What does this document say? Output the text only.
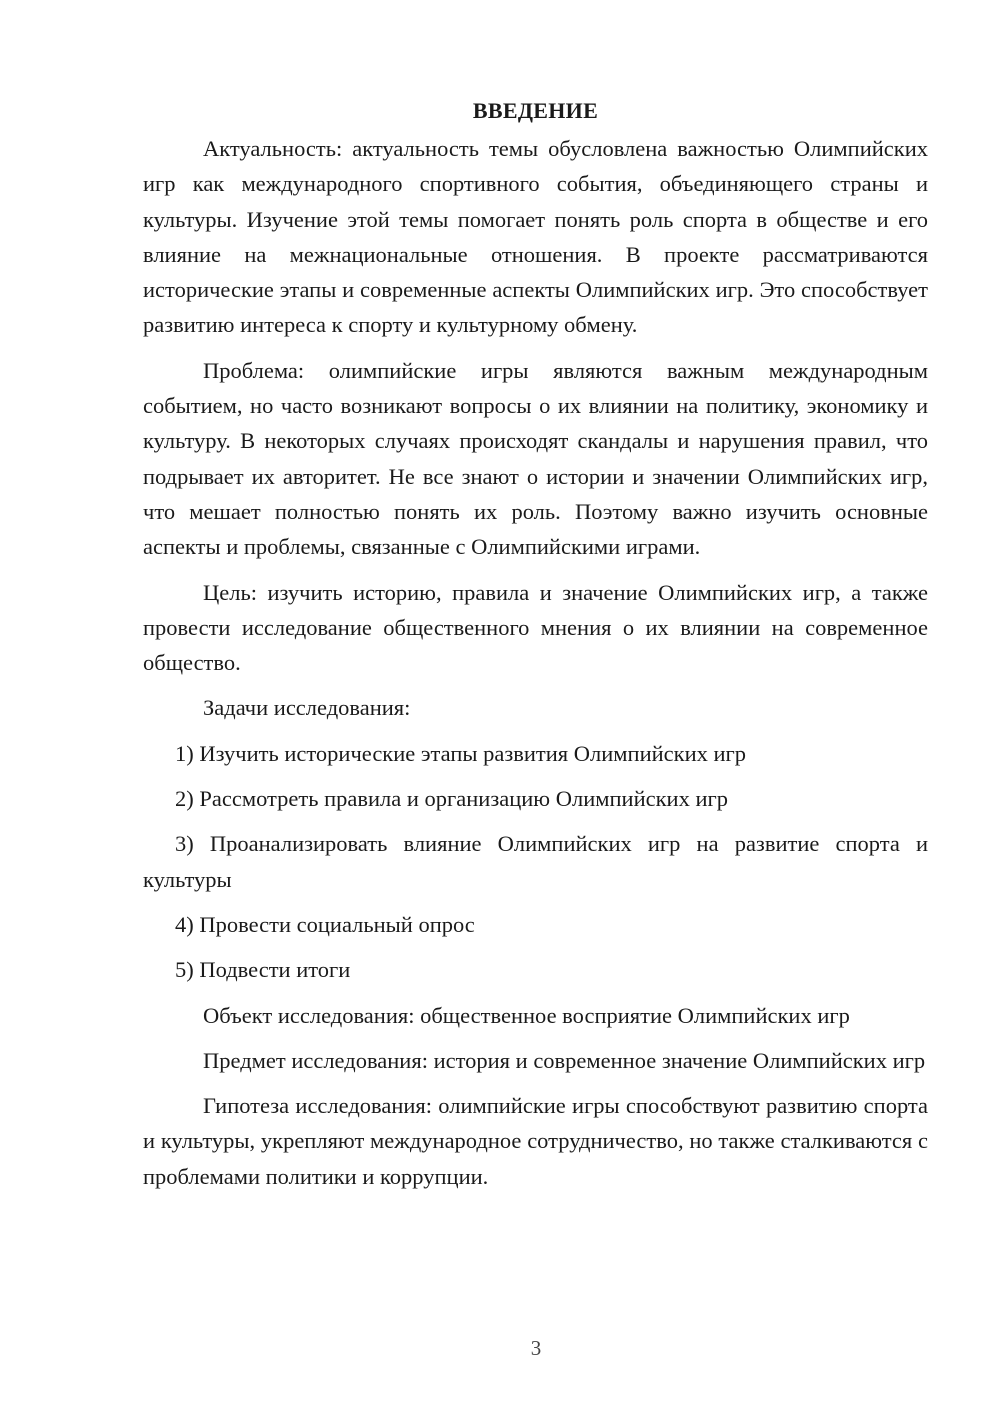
ВВЕДЕНИЕ

Актуальность: актуальность темы обусловлена важностью Олимпийских игр как международного спортивного события, объединяющего страны и культуры. Изучение этой темы помогает понять роль спорта в обществе и его влияние на межнациональные отношения. В проекте рассматриваются исторические этапы и современные аспекты Олимпийских игр. Это способствует развитию интереса к спорту и культурному обмену.

Проблема: олимпийские игры являются важным международным событием, но часто возникают вопросы о их влиянии на политику, экономику и культуру. В некоторых случаях происходят скандалы и нарушения правил, что подрывает их авторитет. Не все знают о истории и значении Олимпийских игр, что мешает полностью понять их роль. Поэтому важно изучить основные аспекты и проблемы, связанные с Олимпийскими играми.

Цель: изучить историю, правила и значение Олимпийских игр, а также провести исследование общественного мнения о их влиянии на современное общество.

Задачи исследования:

1) Изучить исторические этапы развития Олимпийских игр

2) Рассмотреть правила и организацию Олимпийских игр

3) Проанализировать влияние Олимпийских игр на развитие спорта и культуры

4) Провести социальный опрос

5) Подвести итоги

Объект исследования: общественное восприятие Олимпийских игр

Предмет исследования: история и современное значение Олимпийских игр

Гипотеза исследования: олимпийские игры способствуют развитию спорта и культуры, укрепляют международное сотрудничество, но также сталкиваются с проблемами политики и коррупции.

3
